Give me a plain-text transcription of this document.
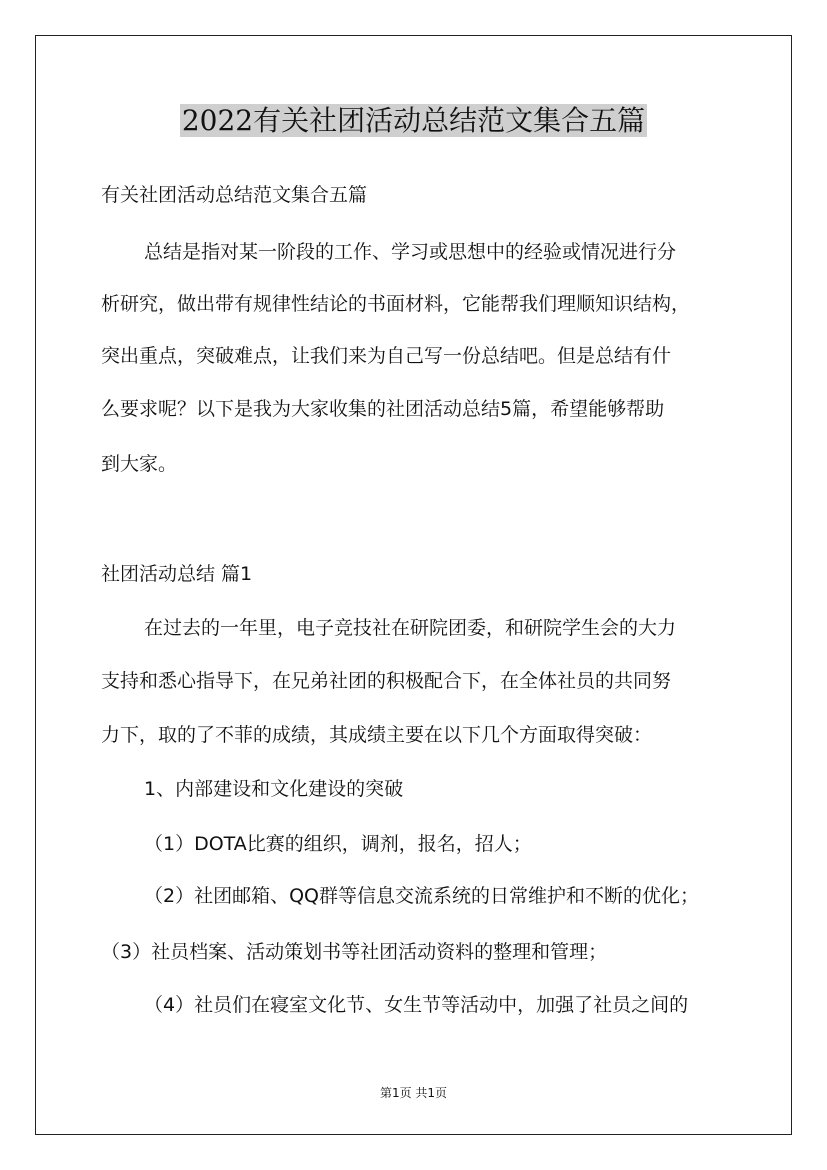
2022有关社团活动总结范文集合五篇
有关社团活动总结范文集合五篇
总结是指对某一阶段的工作、学习或思想中的经验或情况进行分
析研究，做出带有规律性结论的书面材料，它能帮我们理顺知识结构，
突出重点，突破难点，让我们来为自己写一份总结吧。但是总结有什
么要求呢？以下是我为大家收集的社团活动总结5篇，希望能够帮助
到大家。
社团活动总结 篇1
在过去的一年里，电子竞技社在研院团委，和研院学生会的大力
支持和悉心指导下，在兄弟社团的积极配合下，在全体社员的共同努
力下，取的了不菲的成绩，其成绩主要在以下几个方面取得突破：
1、内部建设和文化建设的突破
（1）DOTA比赛的组织，调剂，报名，招人；
（2）社团邮箱、QQ群等信息交流系统的日常维护和不断的优化；
（3）社员档案、活动策划书等社团活动资料的整理和管理；
（4）社员们在寝室文化节、女生节等活动中，加强了社员之间的
第1页 共1页
